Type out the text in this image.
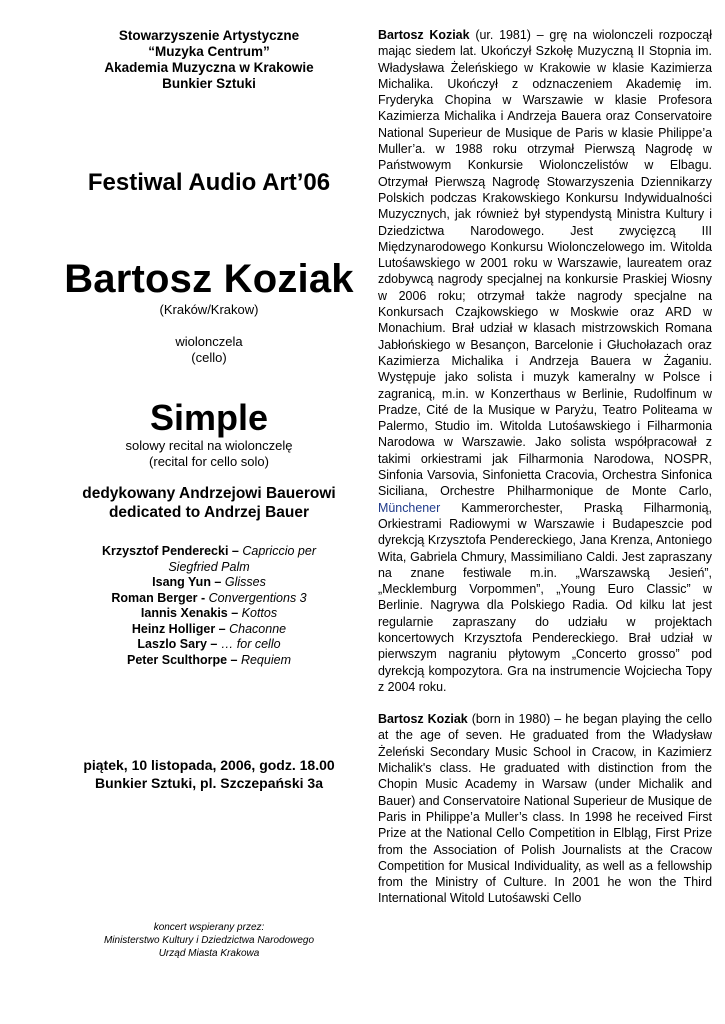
Stowarzyszenie Artystyczne
“Muzyka Centrum”
Akademia Muzyczna w Krakowie
Bunkier Sztuki
Festiwal Audio Art’06
Bartosz Koziak
(Kraków/Krakow)
wiolonczela
(cello)
Simple
solowy recital na wiolonczelę
(recital for cello solo)
dedykowany Andrzejowi Bauerowi
dedicated to Andrzej Bauer
Krzysztof Penderecki – Capriccio per
Siegfried Palm
Isang Yun – Glisses
Roman Berger - Convergentions 3
Iannis Xenakis – Kottos
Heinz Holliger – Chaconne
Laszlo Sary – … for cello
Peter Sculthorpe – Requiem
piątek, 10 listopada, 2006, godz. 18.00
Bunkier Sztuki, pl. Szczepański 3a
koncert wspierany przez:
Ministerstwo Kultury i Dziedzictwa Narodowego
Urząd Miasta Krakowa

Bartosz Koziak (ur. 1981) – grę na wiolonczeli rozpoczął mając siedem lat. Ukończył Szkołę Muzyczną II Stopnia im. Władysława Żeleńskiego w Krakowie w klasie Kazimierza Michalika. Ukończył z odznaczeniem Akademię im. Fryderyka Chopina w Warszawie w klasie Profesora Kazimierza Michalika i Andrzeja Bauera oraz Conservatoire National Superieur de Musique de Paris w klasie Philippe’a Muller’a. w 1988 roku otrzymał Pierwszą Nagrodę w Państwowym Konkursie Wiolonczelistów w Elbagu. Otrzymał Pierwszą Nagrodę Stowarzyszenia Dziennikarzy Polskich podczas Krakowskiego Konkursu Indywidualności Muzycznych, jak również był stypendystą Ministra Kultury i Dziedzictwa Narodowego. Jest zwycięzcą III Międzynarodowego Konkursu Wiolonczelowego im. Witolda Lutośawskiego w 2001 roku w Warszawie, laureatem oraz zdobywcą nagrody specjalnej na konkursie Praskiej Wiosny w 2006 roku; otrzymał także nagrody specjalne na Konkursach Czajkowskiego w Moskwie oraz ARD w Monachium. Brał udział w klasach mistrzowskich Romana Jabłońskiego w Besançon, Barcelonie i Głuchołazach oraz Kazimierza Michalika i Andrzeja Bauera w Żaganiu. Występuje jako solista i muzyk kameralny w Polsce i zagranicą, m.in. w Konzerthaus w Berlinie, Rudolfinum w Pradze, Cité de la Musique w Paryżu, Teatro Politeama w Palermo, Studio im. Witolda Lutośawskiego i Filharmonia Narodowa w Warszawie. Jako solista współpracował z takimi orkiestrami jak Filharmonia Narodowa, NOSPR, Sinfonia Varsovia, Sinfonietta Cracovia, Orchestra Sinfonica Siciliana, Orchestre Philharmonique de Monte Carlo, Münchener Kammerorchester, Praską Filharmonią, Orkiestrami Radiowymi w Warszawie i Budapeszcie pod dyrekcją Krzysztofa Pendereckiego, Jana Krenza, Antoniego Wita, Gabriela Chmury, Massimiliano Caldi. Jest zapraszany na znane festiwale m.in. „Warszawską Jesień”, „Mecklemburg Vorpommen”, „Young Euro Classic” w Berlinie. Nagrywa dla Polskiego Radia. Od kilku lat jest regularnie zapraszany do udziału w projektach koncertowych Krzysztofa Pendereckiego. Brał udział w pierwszym nagraniu płytowym „Concerto grosso” pod dyrekcją kompozytora. Gra na instrumencie Wojciecha Topy z 2004 roku.

Bartosz Koziak (born in 1980) – he began playing the cello at the age of seven. He graduated from the Władysław Żeleński Secondary Music School in Cracow, in Kazimierz Michalik's class. He graduated with distinction from the Chopin Music Academy in Warsaw (under Michalik and Bauer) and Conservatoire National Superieur de Musique de Paris in Philippe’a Muller’s class. In 1998 he received First Prize at the National Cello Competition in Elbląg, First Prize from the Association of Polish Journalists at the Cracow Competition for Musical Individuality, as well as a fellowship from the Ministry of Culture. In 2001 he won the Third International Witold Lutośawski Cello
